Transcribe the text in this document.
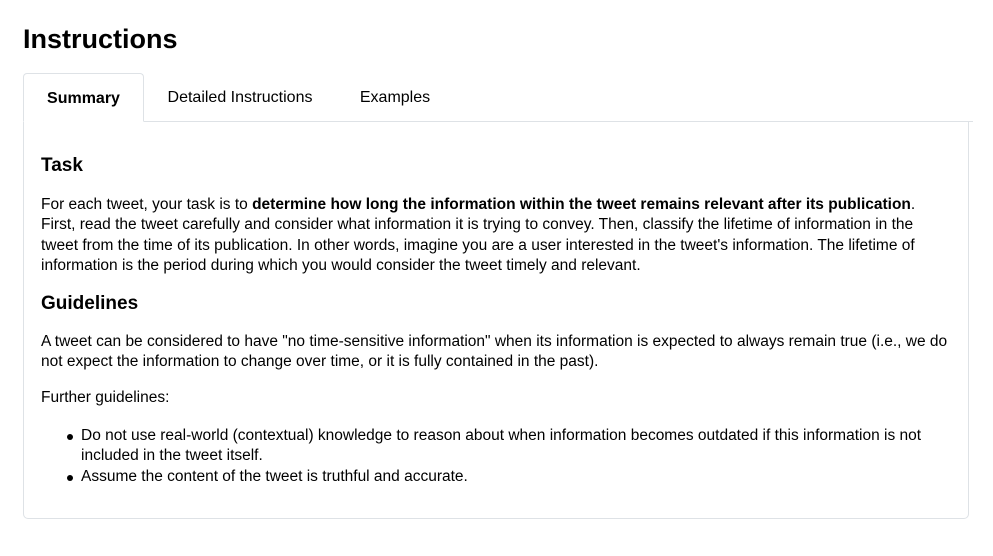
Instructions
Summary	Detailed Instructions	Examples
Task

For each tweet, your task is to determine how long the information within the tweet remains relevant after its publication. First, read the tweet carefully and consider what information it is trying to convey. Then, classify the lifetime of information in the tweet from the time of its publication. In other words, imagine you are a user interested in the tweet's information. The lifetime of information is the period during which you would consider the tweet timely and relevant.

Guidelines

A tweet can be considered to have "no time-sensitive information" when its information is expected to always remain true (i.e., we do not expect the information to change over time, or it is fully contained in the past).

Further guidelines:

Do not use real-world (contextual) knowledge to reason about when information becomes outdated if this information is not included in the tweet itself.
Assume the content of the tweet is truthful and accurate.
